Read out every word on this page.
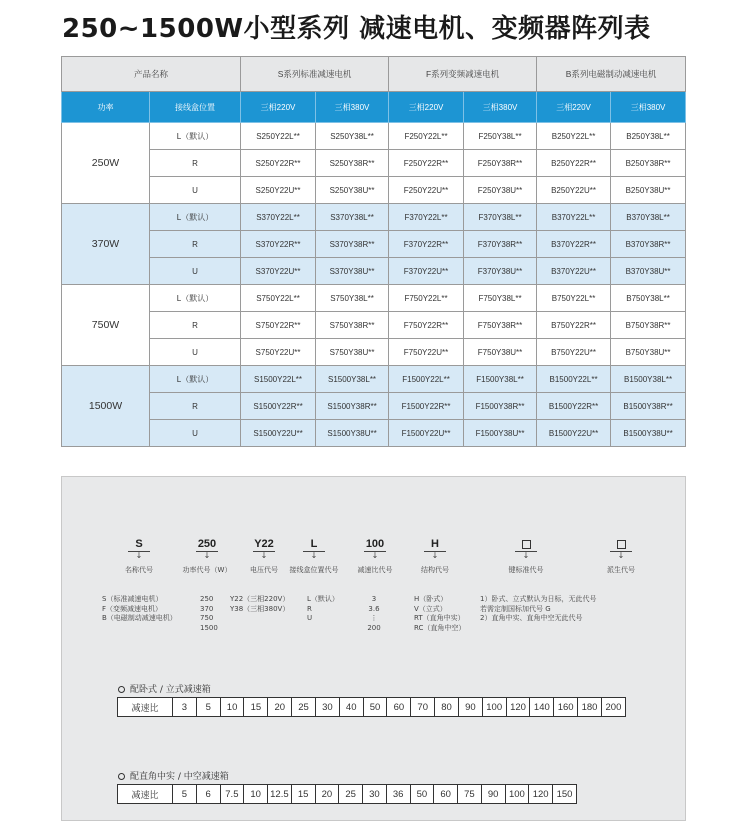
250~1500W小型系列 减速电机、变频器阵列表
产品名称		S系列标准减速电机		F系列变频减速电机		B系列电磁制动减速电机	
功率	接线盒位置	三相220V	三相380V	三相220V	三相380V	三相220V	三相380V
250W	L（默认）	S250Y22L**	S250Y38L**	F250Y22L**	F250Y38L**	B250Y22L**	B250Y38L**
	R	S250Y22R**	S250Y38R**	F250Y22R**	F250Y38R**	B250Y22R**	B250Y38R**
	U	S250Y22U**	S250Y38U**	F250Y22U**	F250Y38U**	B250Y22U**	B250Y38U**
370W	L（默认）	S370Y22L**	S370Y38L**	F370Y22L**	F370Y38L**	B370Y22L**	B370Y38L**
	R	S370Y22R**	S370Y38R**	F370Y22R**	F370Y38R**	B370Y22R**	B370Y38R**
	U	S370Y22U**	S370Y38U**	F370Y22U**	F370Y38U**	B370Y22U**	B370Y38U**
750W	L（默认）	S750Y22L**	S750Y38L**	F750Y22L**	F750Y38L**	B750Y22L**	B750Y38L**
	R	S750Y22R**	S750Y38R**	F750Y22R**	F750Y38R**	B750Y22R**	B750Y38R**
	U	S750Y22U**	S750Y38U**	F750Y22U**	F750Y38U**	B750Y22U**	B750Y38U**
1500W	L（默认）	S1500Y22L**	S1500Y38L**	F1500Y22L**	F1500Y38L**	B1500Y22L**	B1500Y38L**
	R	S1500Y22R**	S1500Y38R**	F1500Y22R**	F1500Y38R**	B1500Y22R**	B1500Y38R**
	U	S1500Y22U**	S1500Y38U**	F1500Y22U**	F1500Y38U**	B1500Y22U**	B1500Y38U**
S
↓
名称代号
250
↓
功率代号（W）
Y22
↓
电压代号
L
↓
接线盒位置代号
100
↓
减速比代号
H
↓
结构代号
↓
键标准代号
↓
派生代号
S（标准减速电机）
F（变频减速电机）
B（电磁制动减速电机）
250
370
750
1500
Y22（三相220V）
Y38（三相380V）
L（默认）
R
U
3
3.6
⋮
200
H（卧式）
V（立式）
RT（直角中实）
RC（直角中空）
1）卧式、立式默认为日标，无此代号
若需定制国标加代号 G
2）直角中实、直角中空无此代号
配卧式 / 立式减速箱
减速比	3	5	10	15	20	25	30	40	50	60	70	80	90	100	120	140	160	180	200
配直角中实 / 中空减速箱
减速比	5	6	7.5	10	12.5	15	20	25	30	36	50	60	75	90	100	120	150
